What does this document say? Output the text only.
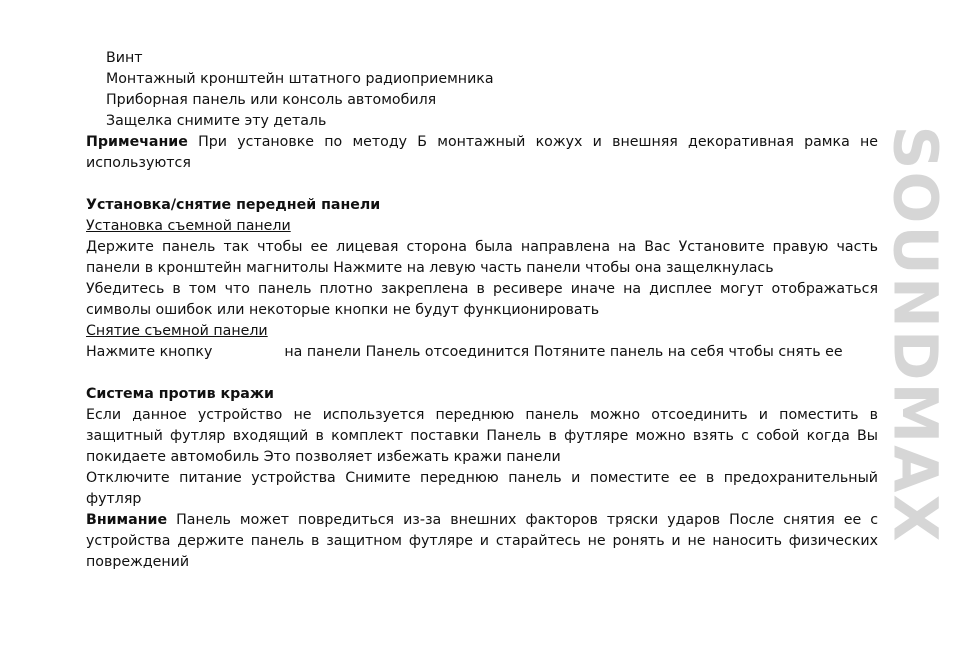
Винт
Монтажный кронштейн штатного радиоприемника
Приборная панель или консоль автомобиля
Защелка снимите эту деталь
Примечание При установке по методу Б монтажный кожух и внешняя декоративная рамка не
используются
Установка/снятие передней панели
Установка съемной панели
Держите панель так чтобы ее лицевая сторона была направлена на Вас Установите правую часть
панели в кронштейн магнитолы Нажмите на левую часть панели чтобы она защелкнулась
Убедитесь в том что панель плотно закреплена в ресивере иначе на дисплее могут отображаться
символы ошибок или некоторые кнопки не будут функционировать
Снятие съемной панели
Нажмите кнопку	на панели Панель отсоединится Потяните панель на себя чтобы снять ее
Система против кражи
Если данное устройство не используется переднюю панель можно отсоединить и поместить в
защитный футляр входящий в комплект поставки Панель в футляре можно взять с собой когда Вы
покидаете автомобиль Это позволяет избежать кражи панели
Отключите питание устройства Снимите переднюю панель и поместите ее в предохранительный
футляр
Внимание Панель может повредиться из-за внешних факторов тряски ударов После снятия ее с
устройства держите панель в защитном футляре и старайтесь не ронять и не наносить физических
повреждений
SOUNDMAX
